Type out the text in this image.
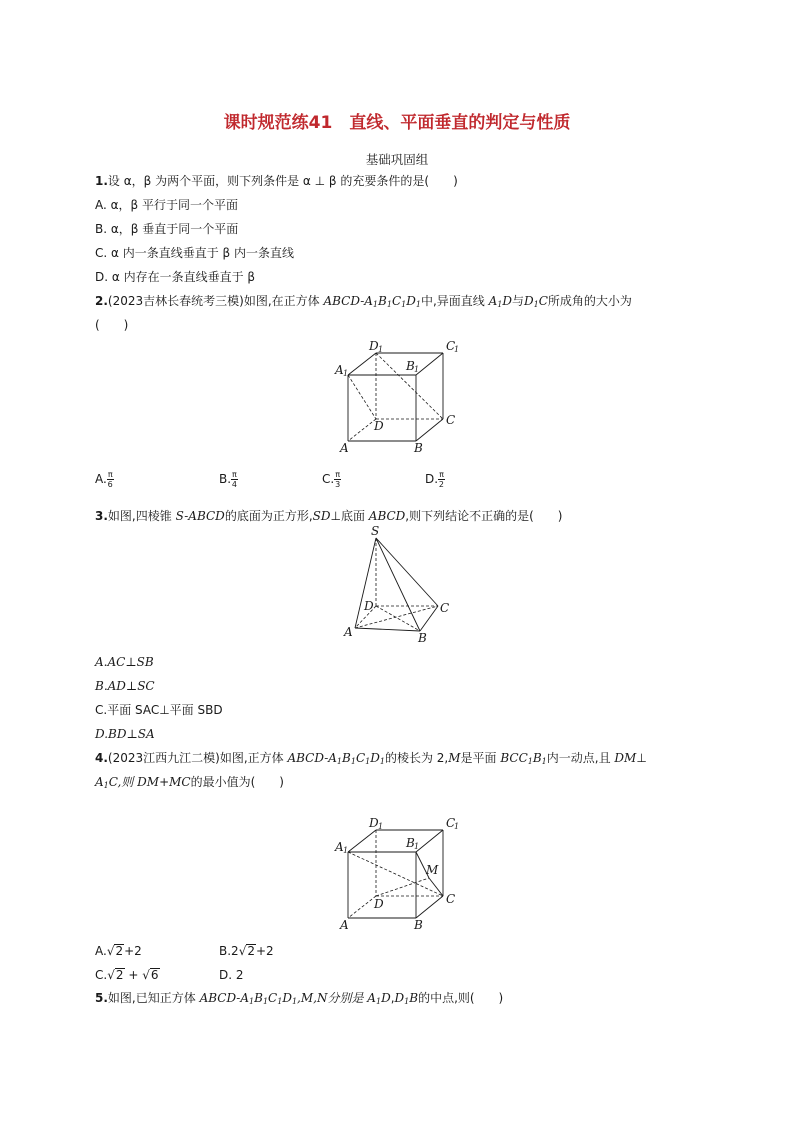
课时规范练41　直线、平面垂直的判定与性质
基础巩固组
1.设 α，β 为两个平面，则下列条件是 α ⊥ β 的充要条件的是(　　)
A. α，β 平行于同一个平面
B. α，β 垂直于同一个平面
C. α 内一条直线垂直于 β 内一条直线
D. α 内存在一条直线垂直于 β
2.(2023吉林长春统考三模)如图,在正方体 ABCD-$A_1B_1C_1D_1$中,异面直线 $A_1D$与$D_1C$所成角的大小为
(　　)
D 1	C
1
A 1
B 1
D	C
A	B
A. $\frac{\pi}{6}$	B. $\frac{\pi}{4}$	C. $\frac{\pi}{3}$	D. $\frac{\pi}{2}$
3.如图,四棱锥 S-ABCD的底面为正方形,SD⊥底面 ABCD,则下列结论不正确的是(　　)
S
D	C
A	B
A.AC⊥SB
B.AD⊥SC
C.平面 SAC⊥平面 SBD
D.BD⊥SA
4.(2023江西九江二模)如图,正方体 ABCD-$A_1B_1C_1D_1$的棱长为 2,M是平面 $BCC_1B_1$内一动点,且 DM⊥
$A_1C$,则 DM+MC的最小值为(　　)
D 1	C
1
A 1
B 1
M
D	C
A	B
A.√2+2	B.2√2+2
C.√2 + √6	D. 2
5.如图,已知正方体 ABCD-$A_1B_1C_1D_1,M,N$分别是 $A_1D,D_1B$的中点,则(　　)
